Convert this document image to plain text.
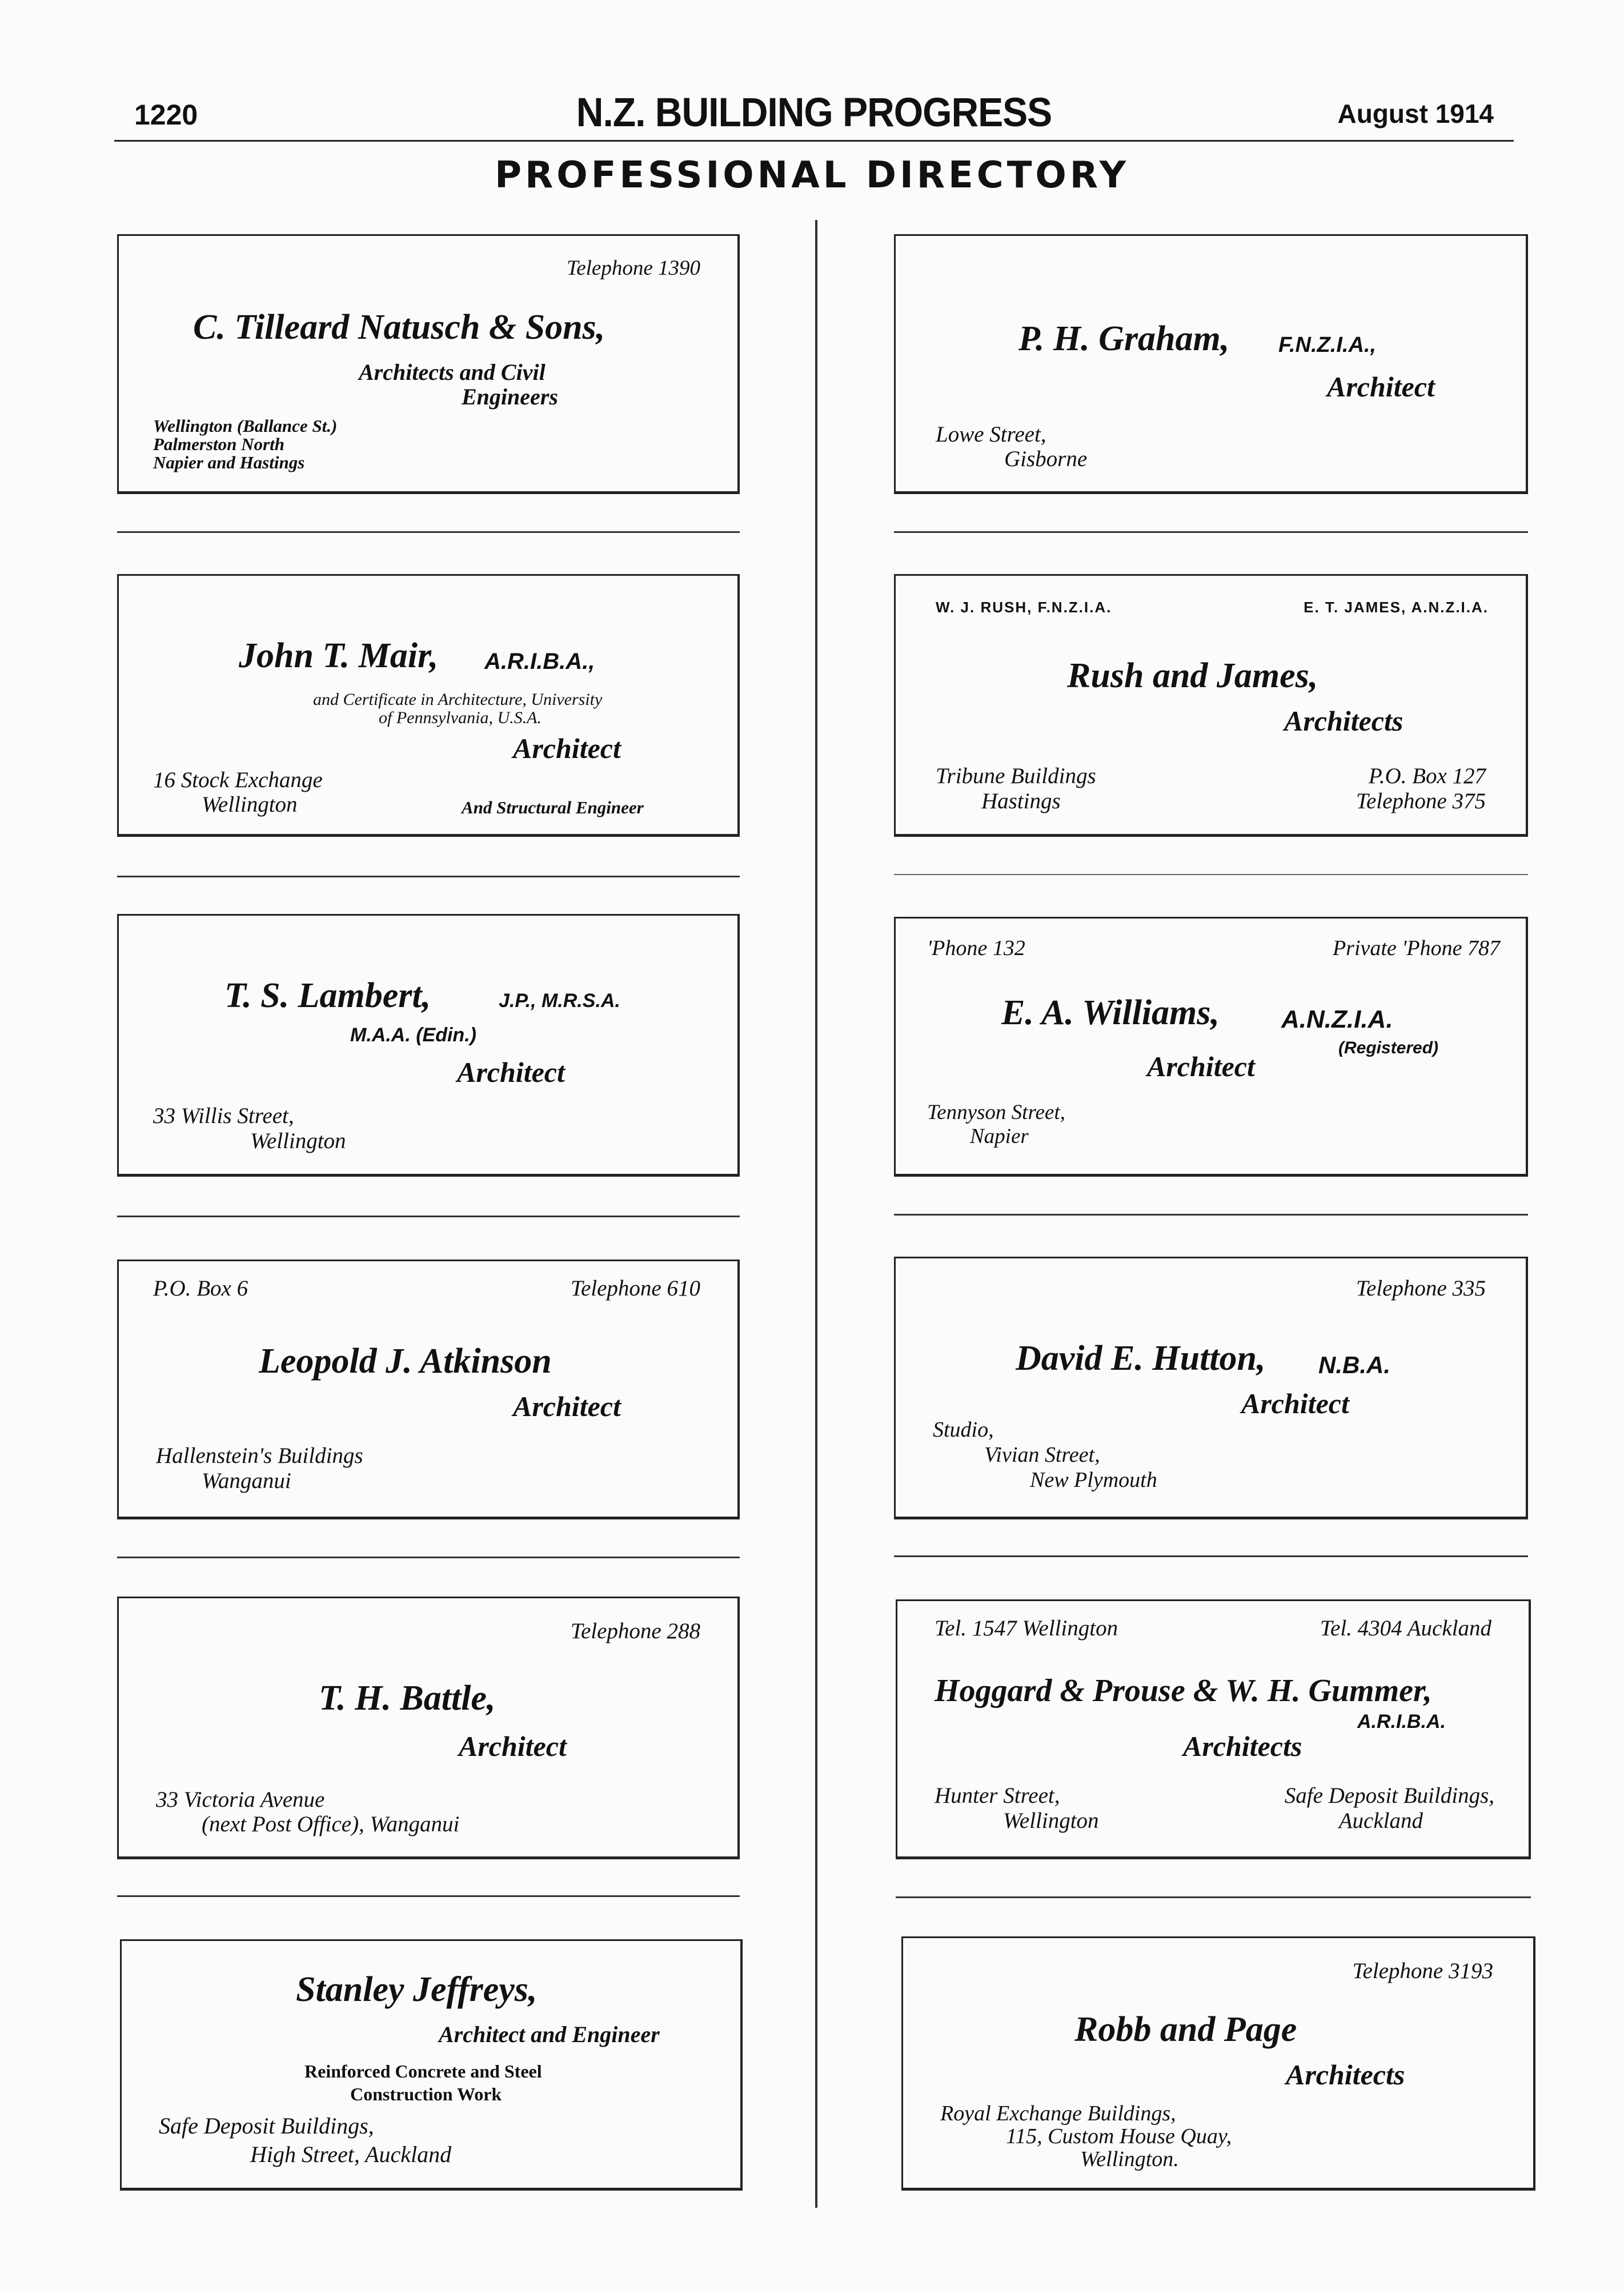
1220	N.Z. BUILDING PROGRESS	August 1914
PROFESSIONAL DIRECTORY
Telephone 1390
C. Tilleard Natusch & Sons,
Architects and Civil
Engineers
Wellington (Ballance St.)
Palmerston North
Napier and Hastings
John T. Mair, A.R.I.B.A.,
and Certificate in Architecture, University
of Pennsylvania, U.S.A.
Architect
16 Stock Exchange
Wellington	And Structural Engineer
T. S. Lambert,	J.P., M.R.S.A.
M.A.A. (Edin.)
Architect
33 Willis Street,
Wellington
P.O. Box 6	Telephone 610
Leopold J. Atkinson
Architect
Hallenstein's Buildings
Wanganui
Telephone 288
T. H. Battle,
Architect
33 Victoria Avenue
(next Post Office), Wanganui
Stanley Jeffreys,
Architect and Engineer
Reinforced Concrete and Steel
Construction Work
Safe Deposit Buildings,
High Street, Auckland
P. H. Graham, F.N.Z.I.A.,
Architect
Lowe Street,
Gisborne
W. J. RUSH, F.N.Z.I.A.	E. T. JAMES, A.N.Z.I.A.
Rush and James,
Architects
Tribune Buildings
Hastings
P.O. Box 127
Telephone 375
'Phone 132	Private 'Phone 787
E. A. Williams, A.N.Z.I.A.
(Registered)
Architect
Tennyson Street,
Napier
Telephone 335
David E. Hutton, N.B.A.
Architect
Studio,
Vivian Street,
New Plymouth
Tel. 1547 Wellington	Tel. 4304 Auckland
Hoggard & Prouse & W. H. Gummer,
A.R.I.B.A.
Architects
Hunter Street,
Wellington
Safe Deposit Buildings,
Auckland
Telephone 3193
Robb and Page
Architects
Royal Exchange Buildings,
115, Custom House Quay,
Wellington.
